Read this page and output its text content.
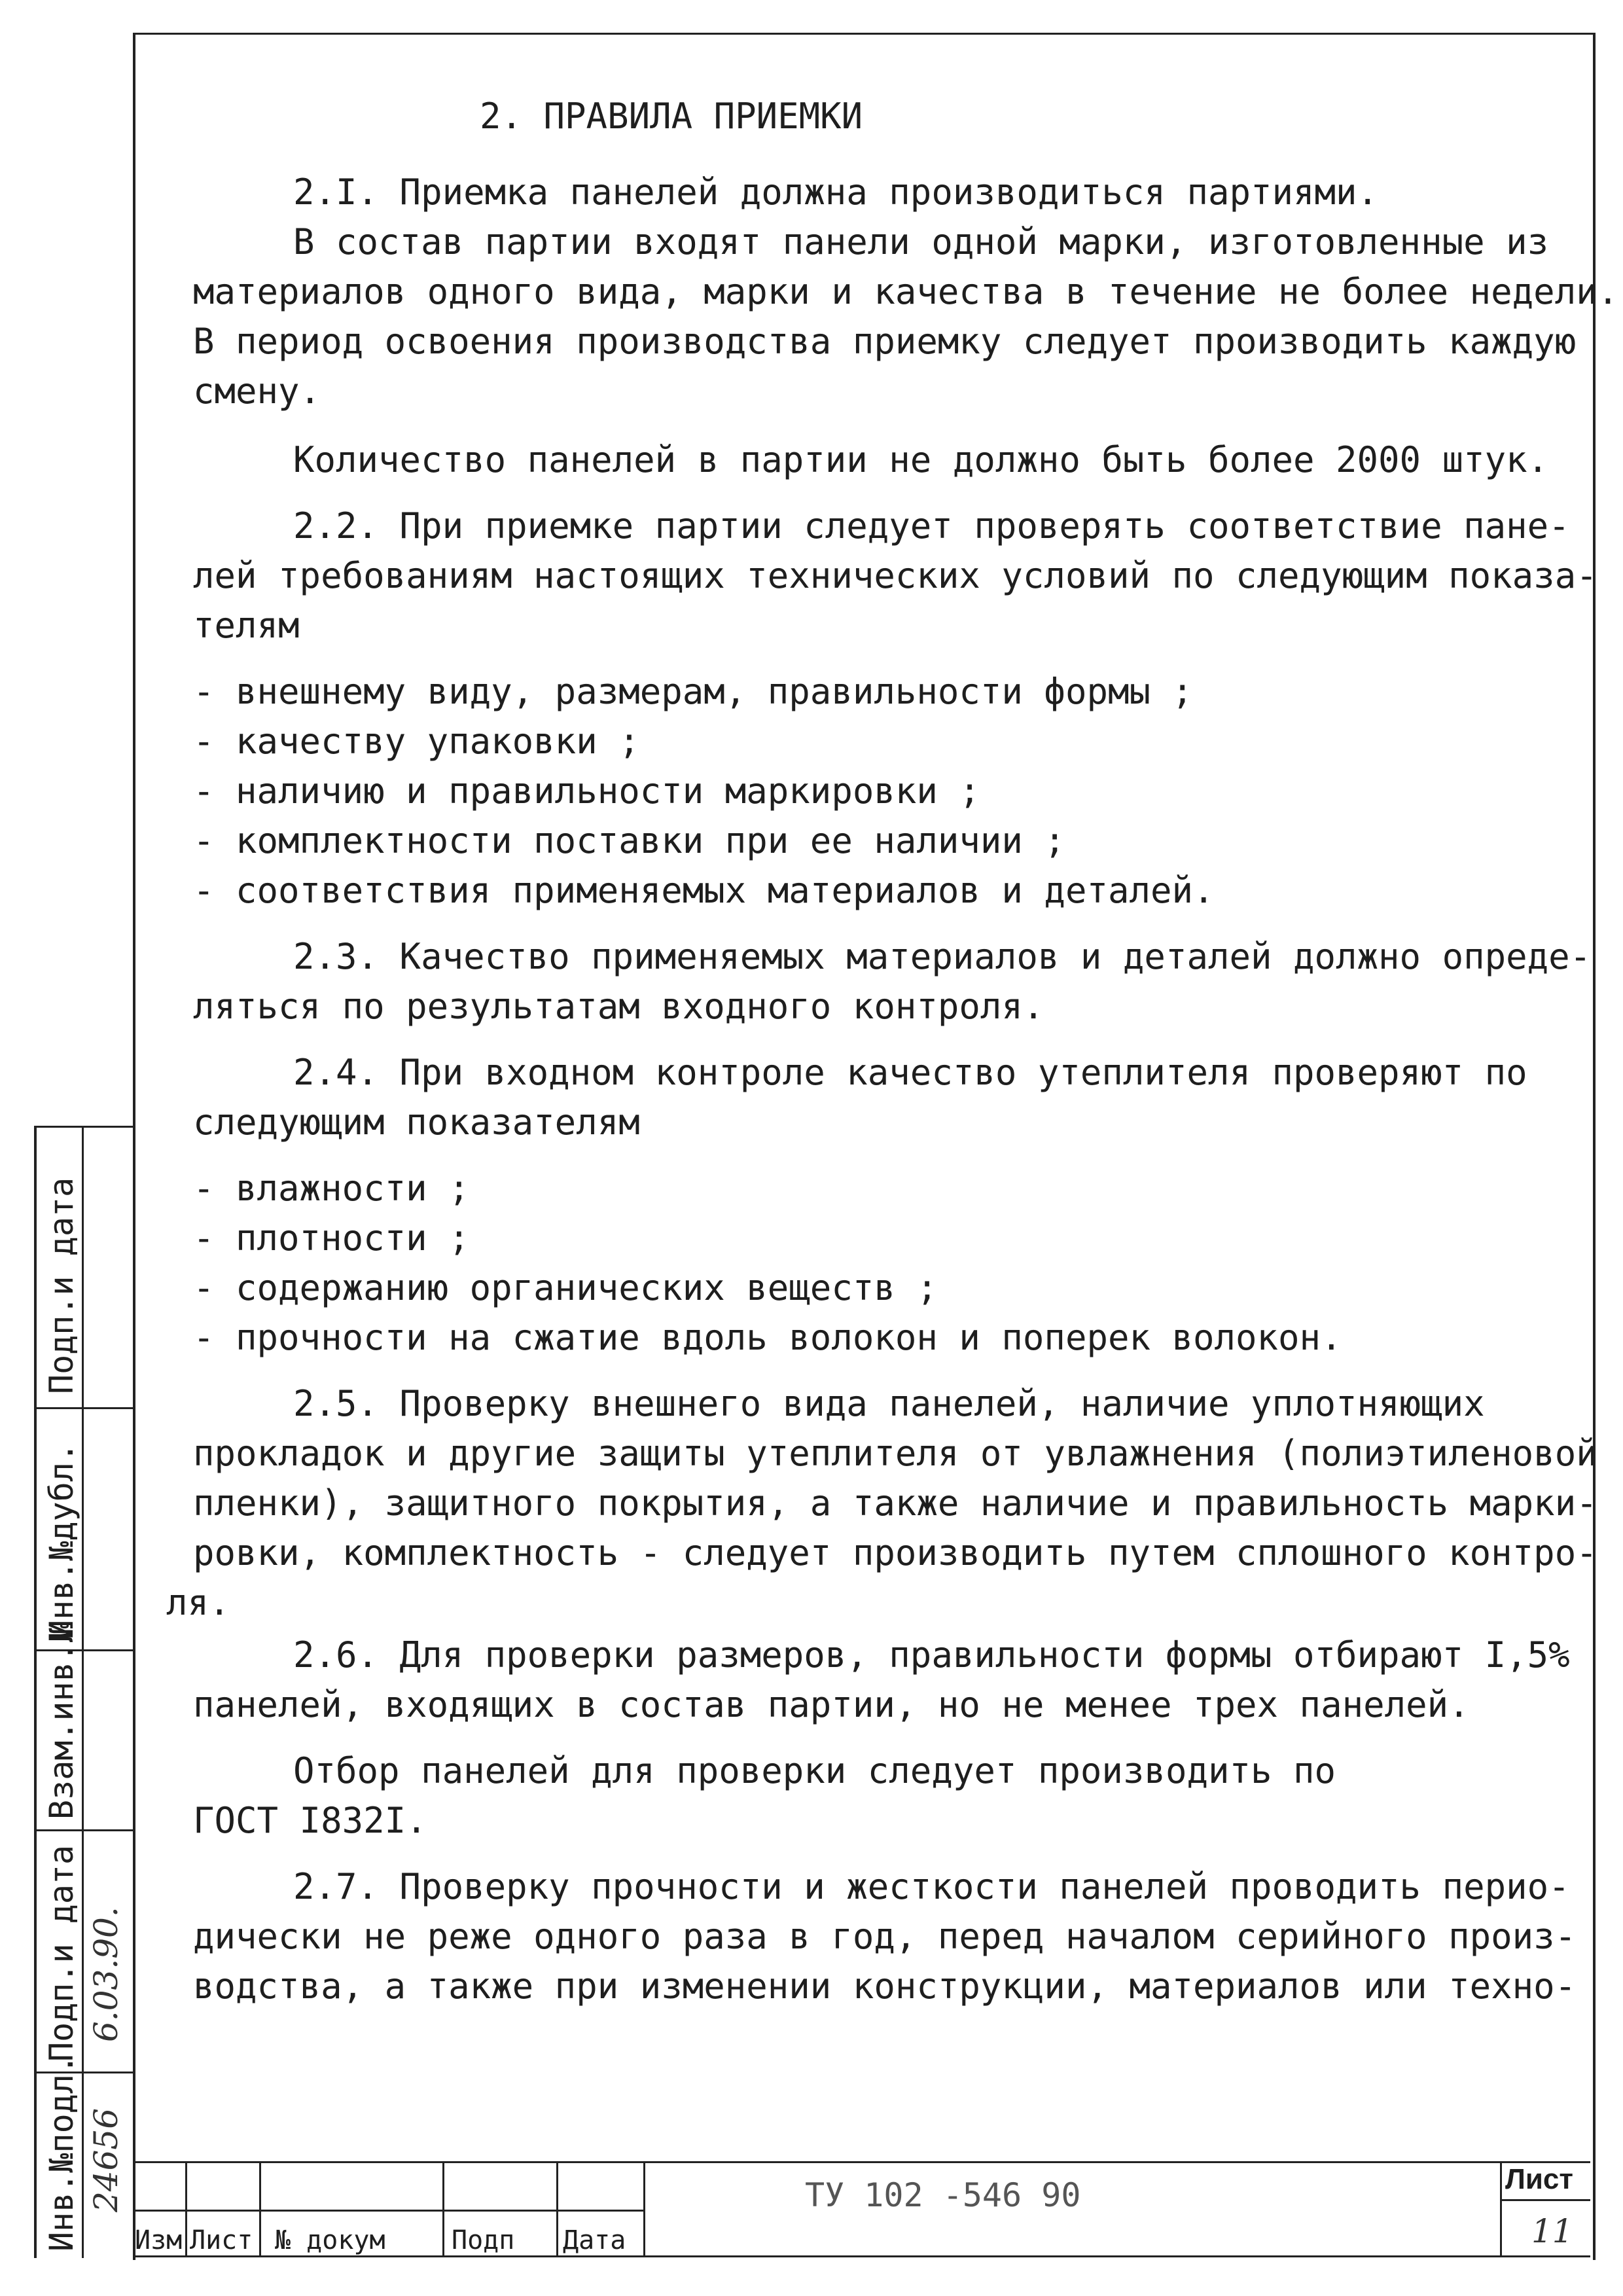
2. ПРАВИЛА ПРИЕМКИ
2.I. Приемка панелей должна производиться партиями.
В состав партии входят панели одной марки, изготовленные из
материалов одного вида, марки и качества в течение не более недели.
В период освоения производства приемку следует производить каждую
смену.
Количество панелей в партии не должно быть более 2000 штук.
2.2. При приемке партии следует проверять соответствие пане-
лей требованиям настоящих технических условий по следующим показа-
телям
- внешнему виду, размерам, правильности формы ;
- качеству упаковки ;
- наличию и правильности маркировки ;
- комплектности поставки при ее наличии ;
- соответствия применяемых материалов и деталей.
2.3. Качество применяемых материалов и деталей должно опреде-
ляться по результатам входного контроля.
2.4. При входном контроле качество утеплителя проверяют по
следующим показателям
- влажности ;
- плотности ;
- содержанию органических веществ ;
- прочности на сжатие вдоль волокон и поперек волокон.
2.5. Проверку внешнего вида панелей, наличие уплотняющих
прокладок и другие защиты утеплителя от увлажнения (полиэтиленовой
пленки), защитного покрытия, а также наличие и правильность марки-
ровки, комплектность - следует производить путем сплошного контро-
ля.
2.6. Для проверки размеров, правильности формы отбирают I,5%
панелей, входящих в состав партии, но не менее трех панелей.
Отбор панелей для проверки следует производить по
ГОСТ I832I.
2.7. Проверку прочности и жесткости панелей проводить перио-
дически не реже одного раза в год, перед началом серийного произ-
водства, а также при изменении конструкции, материалов или техно-
Подп.и дата
Инв.№дубл.
Взам.инв.№
Подп.и дата
Инв.№подл.
6.03.90.
24656	ТУ 102 -546 90	Лист
11
Изм Лист № докум	Подп Дата
